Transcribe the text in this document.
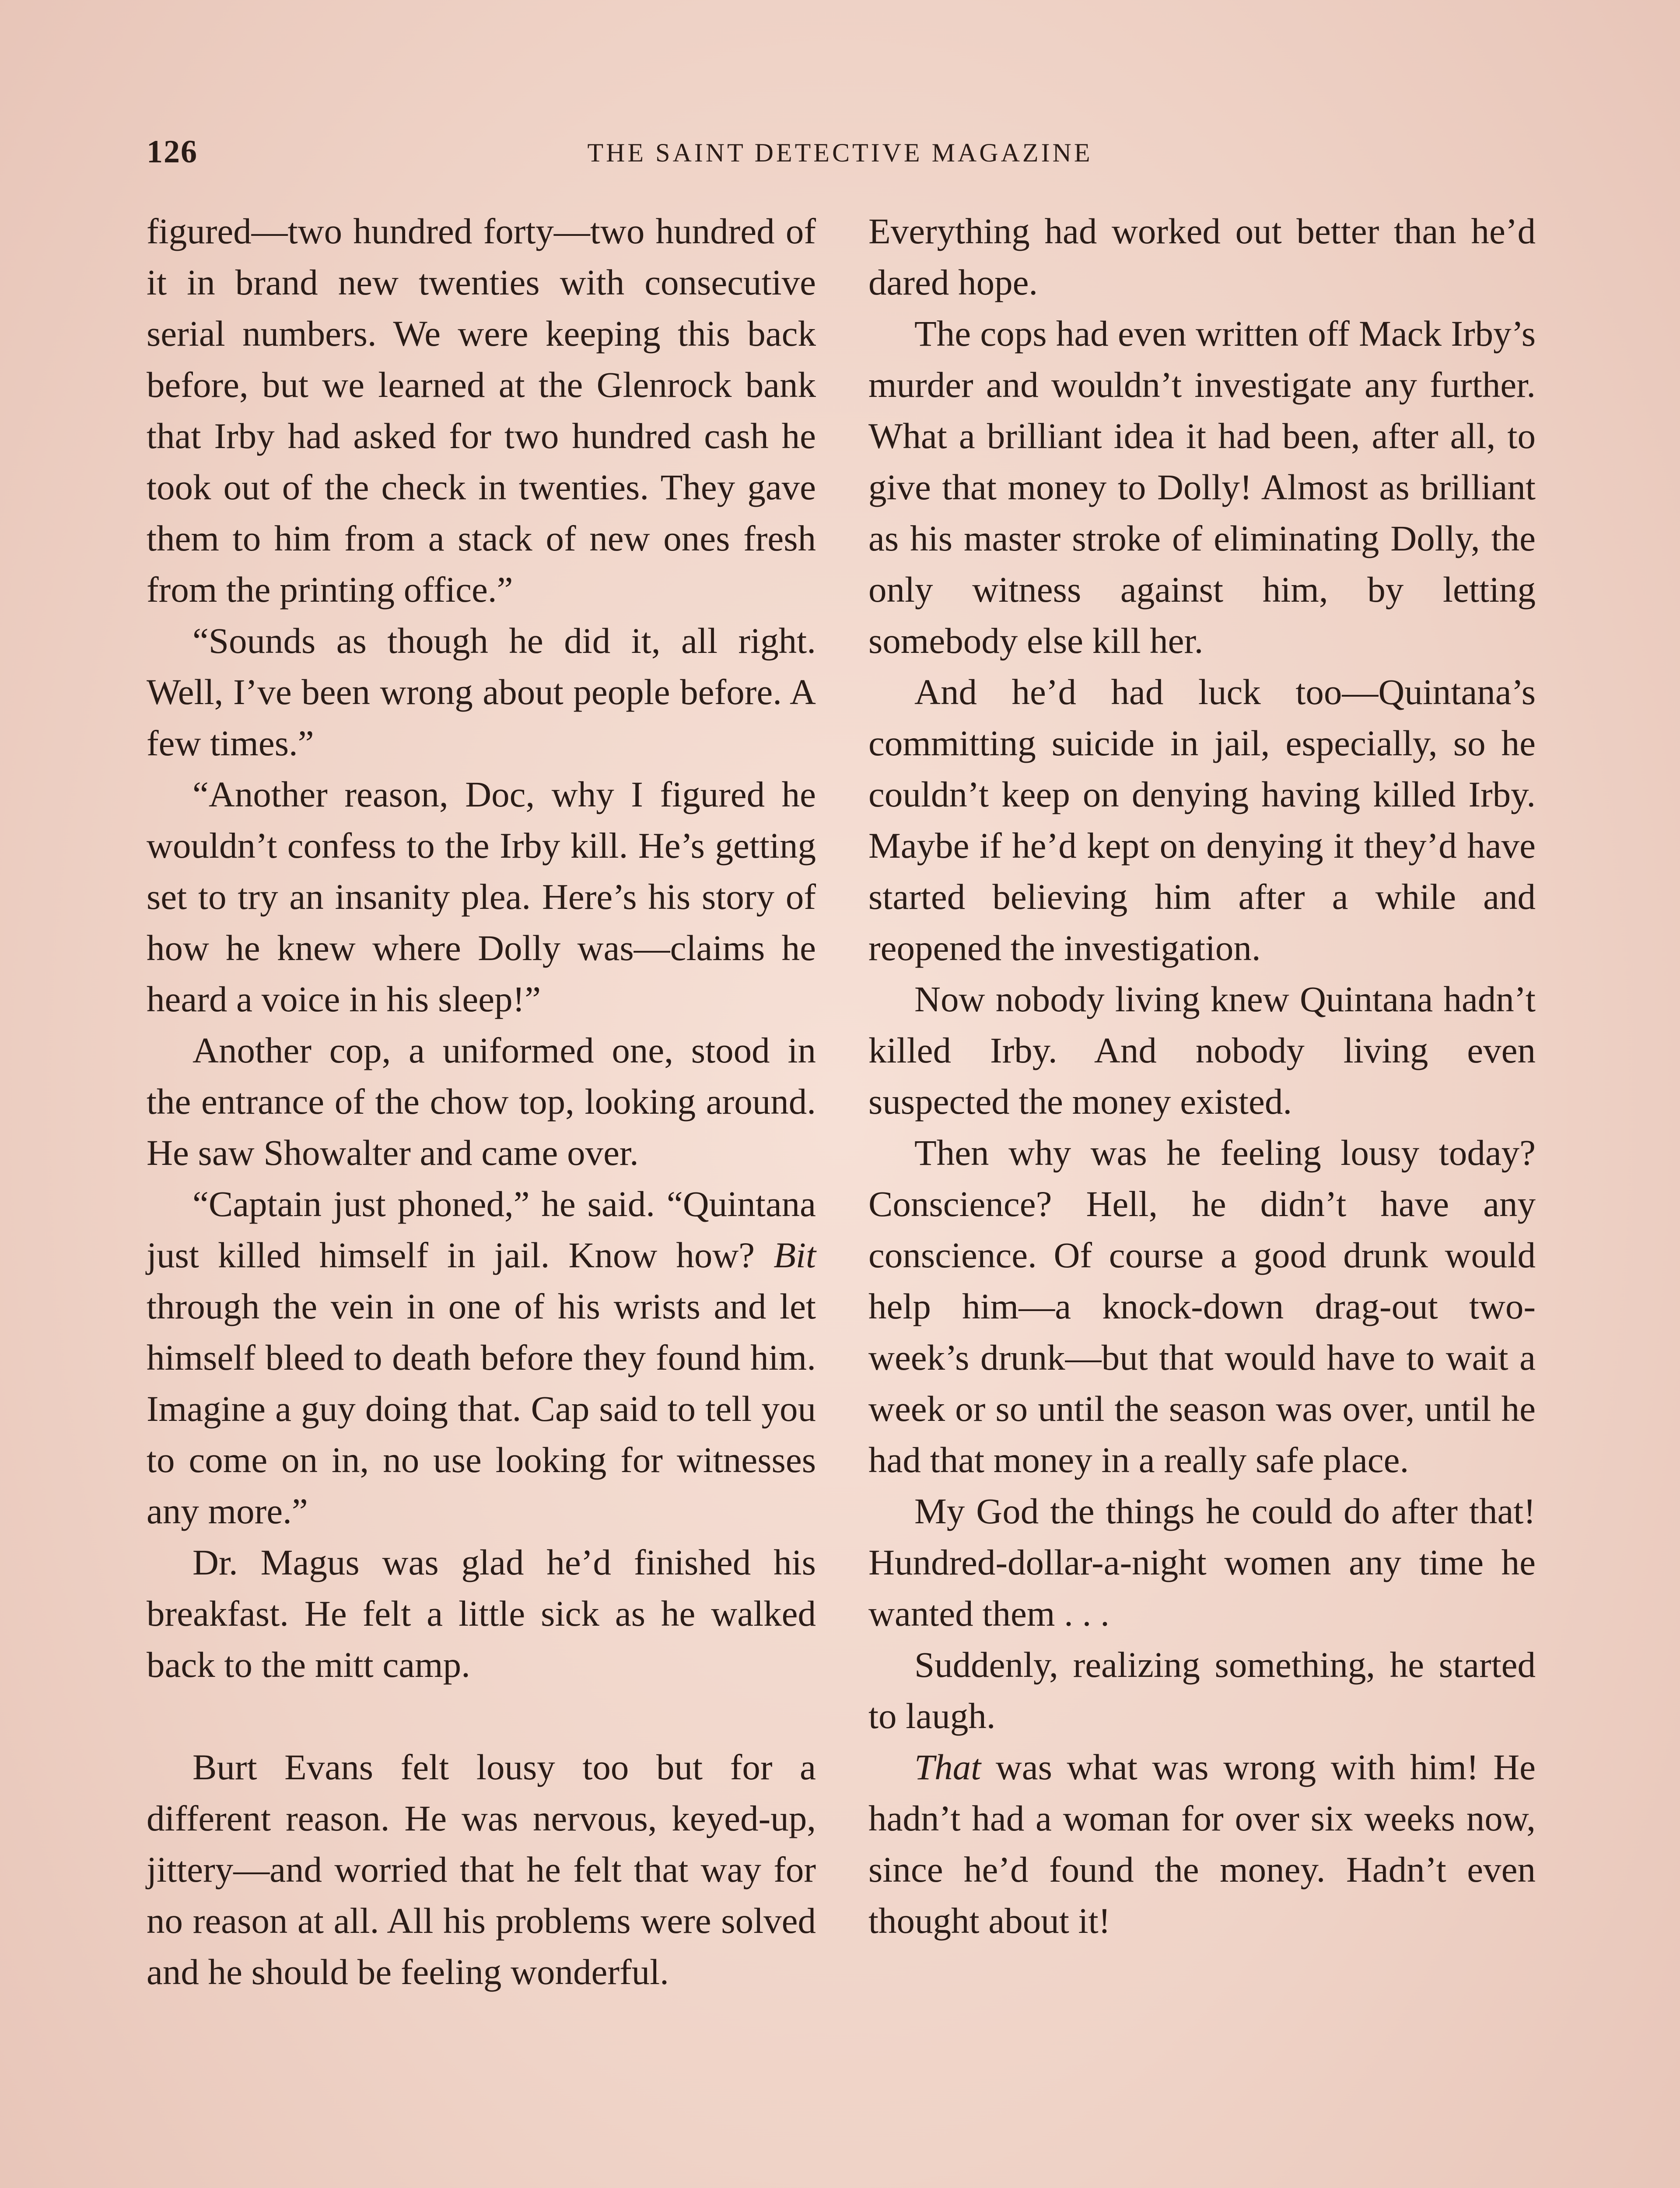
126	THE SAINT DETECTIVE MAGAZINE

figured—two hundred forty—two hundred of it in brand new twenties with consecutive serial numbers. We were keeping this back before, but we learned at the Glenrock bank that Irby had asked for two hundred cash he took out of the check in twenties. They gave them to him from a stack of new ones fresh from the printing office.”

“Sounds as though he did it, all right. Well, I’ve been wrong about people before. A few times.”

“Another reason, Doc, why I figured he wouldn’t confess to the Irby kill. He’s getting set to try an insanity plea. Here’s his story of how he knew where Dolly was—claims he heard a voice in his sleep!”

Another cop, a uniformed one, stood in the entrance of the chow top, looking around. He saw Showalter and came over.

“Captain just phoned,” he said. “Quintana just killed himself in jail. Know how? Bit through the vein in one of his wrists and let himself bleed to death before they found him. Imagine a guy doing that. Cap said to tell you to come on in, no use looking for witnesses any more.”

Dr. Magus was glad he’d finished his breakfast. He felt a little sick as he walked back to the mitt camp.

Burt Evans felt lousy too but for a different reason. He was nervous, keyed-up, jittery—and worried that he felt that way for no reason at all. All his problems were solved and he should be feeling wonderful.

Everything had worked out better than he’d dared hope.

The cops had even written off Mack Irby’s murder and wouldn’t investigate any further. What a brilliant idea it had been, after all, to give that money to Dolly! Almost as brilliant as his master stroke of eliminating Dolly, the only witness against him, by letting somebody else kill her.

And he’d had luck too—Quintana’s committing suicide in jail, especially, so he couldn’t keep on denying having killed Irby. Maybe if he’d kept on denying it they’d have started believing him after a while and reopened the investigation.

Now nobody living knew Quintana hadn’t killed Irby. And nobody living even suspected the money existed.

Then why was he feeling lousy today? Conscience? Hell, he didn’t have any conscience. Of course a good drunk would help him—a knock-down drag-out two-week’s drunk—but that would have to wait a week or so until the season was over, until he had that money in a really safe place.

My God the things he could do after that! Hundred-dollar-a-night women any time he wanted them . . .

Suddenly, realizing something, he started to laugh.

That was what was wrong with him! He hadn’t had a woman for over six weeks now, since he’d found the money. Hadn’t even thought about it!
